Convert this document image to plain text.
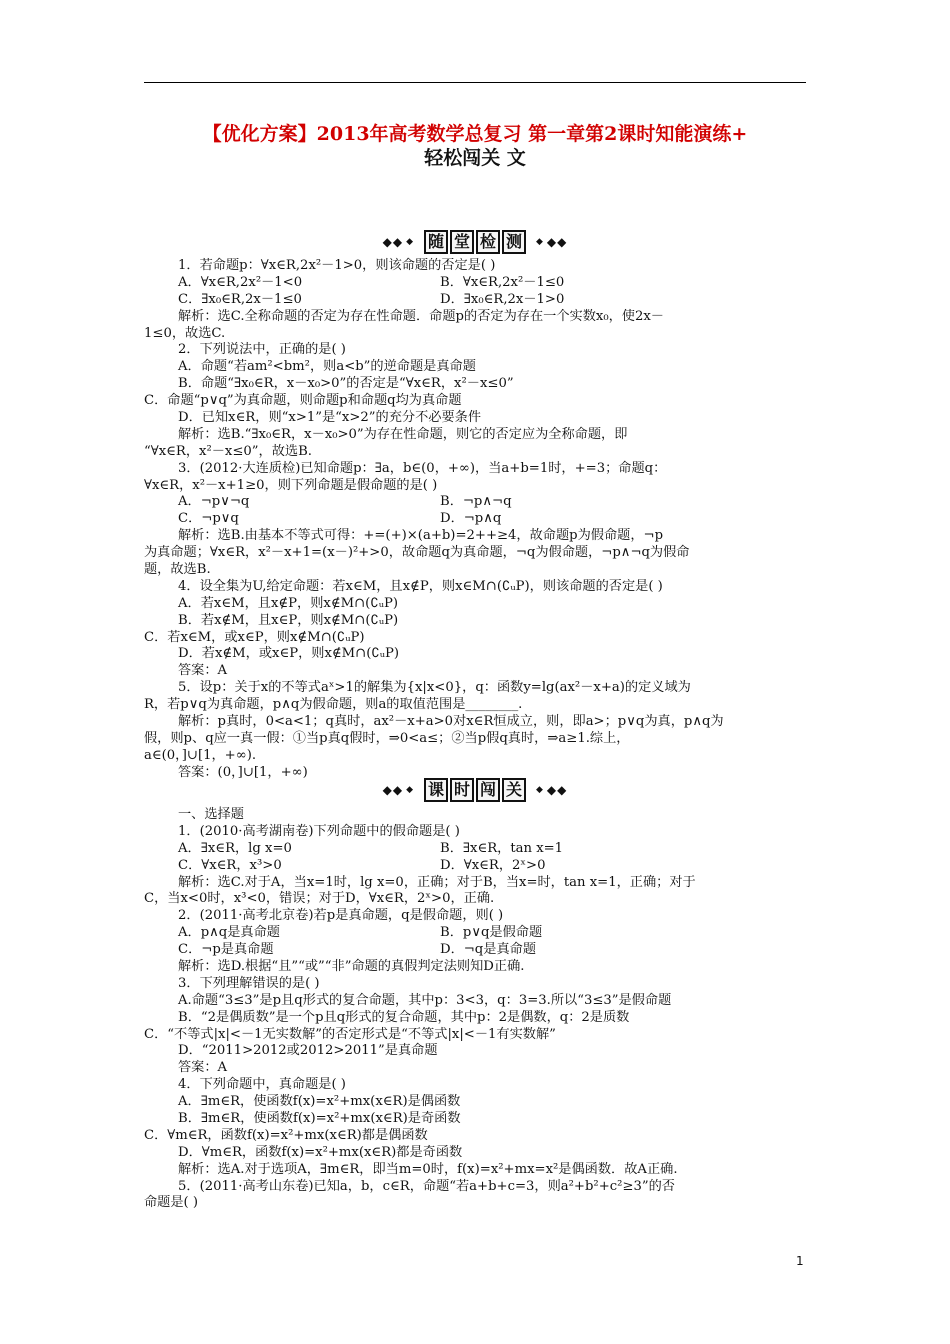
【优化方案】2013年高考数学总复习 第一章第2课时知能演练+
轻松闯关 文
◆◆ ◆ 随 堂 检 测	◆ ◆◆
1．若命题p：∀x∈R,2x²－1>0，则该命题的否定是( )
A．∀x∈R,2x²－1<0	B．∀x∈R,2x²－1≤0
C．∃x₀∈R,2x－1≤0	D．∃x₀∈R,2x－1>0
解析：选C.全称命题的否定为存在性命题．命题p的否定为存在一个实数x₀，使2x－
1≤0，故选C.
2．下列说法中，正确的是( )
A．命题“若am²<bm²，则a<b”的逆命题是真命题
B．命题“∃x₀∈R，x－x₀>0”的否定是“∀x∈R，x²－x≤0”
C．命题“p∨q”为真命题，则命题p和命题q均为真命题
D．已知x∈R，则“x>1”是“x>2”的充分不必要条件
解析：选B.“∃x₀∈R，x－x₀>0”为存在性命题，则它的否定应为全称命题，即
“∀x∈R，x²－x≤0”，故选B.
3．(2012·大连质检)已知命题p：∃a，b∈(0，+∞)，当a+b=1时，+=3；命题q：
∀x∈R，x²－x+1≥0，则下列命题是假命题的是( )
A．¬p∨¬q	B．¬p∧¬q
C．¬p∨q	D．¬p∧q
解析：选B.由基本不等式可得：+=(+)×(a+b)=2++≥4，故命题p为假命题，¬p
为真命题；∀x∈R，x²－x+1=(x－)²+>0，故命题q为真命题，¬q为假命题，¬p∧¬q为假命
题，故选B.
4．设全集为U,给定命题：若x∈M，且x∉P，则x∈M∩(∁ᵤP)，则该命题的否定是( )
A．若x∈M，且x∉P，则x∉M∩(∁ᵤP)
B．若x∉M，且x∈P，则x∉M∩(∁ᵤP)
C．若x∈M，或x∈P，则x∉M∩(∁ᵤP)
D．若x∉M，或x∈P，则x∉M∩(∁ᵤP)
答案：A
5．设p：关于x的不等式aˣ>1的解集为{x|x<0}，q：函数y=lg(ax²－x+a)的定义域为
R，若p∨q为真命题，p∧q为假命题，则a的取值范围是________.
解析：p真时，0<a<1；q真时，ax²－x+a>0对x∈R恒成立，则，即a>；p∨q为真，p∧q为
假，则p、q应一真一假：①当p真q假时，⇒0<a≤；②当p假q真时，⇒a≥1.综上，
a∈(0，]∪[1，+∞).
答案：(0，]∪[1，+∞)
◆◆ ◆ 课 时 闯 关	◆ ◆◆
一、选择题
1．(2010·高考湖南卷)下列命题中的假命题是( )
A．∃x∈R，lg x=0	B．∃x∈R，tan x=1
C．∀x∈R，x³>0	D．∀x∈R，2ˣ>0
解析：选C.对于A，当x=1时，lg x=0，正确；对于B，当x=时，tan x=1，正确；对于
C，当x<0时，x³<0，错误；对于D，∀x∈R，2ˣ>0，正确.
2．(2011·高考北京卷)若p是真命题，q是假命题，则( )
A．p∧q是真命题	B．p∨q是假命题
C．¬p是真命题	D．¬q是真命题
解析：选D.根据“且”“或”“非”命题的真假判定法则知D正确.
3．下列理解错误的是( )
A.命题“3≤3”是p且q形式的复合命题，其中p：3<3，q：3=3.所以“3≤3”是假命题
B．“2是偶质数”是一个p且q形式的复合命题，其中p：2是偶数，q：2是质数
C．“不等式|x|<－1无实数解”的否定形式是“不等式|x|<－1有实数解”
D．“2011>2012或2012>2011”是真命题
答案：A
4．下列命题中，真命题是( )
A．∃m∈R，使函数f(x)=x²+mx(x∈R)是偶函数
B．∃m∈R，使函数f(x)=x²+mx(x∈R)是奇函数
C．∀m∈R，函数f(x)=x²+mx(x∈R)都是偶函数
D．∀m∈R，函数f(x)=x²+mx(x∈R)都是奇函数
解析：选A.对于选项A，∃m∈R，即当m=0时，f(x)=x²+mx=x²是偶函数．故A正确.
5．(2011·高考山东卷)已知a，b，c∈R，命题“若a+b+c=3，则a²+b²+c²≥3”的否
命题是( )
1
